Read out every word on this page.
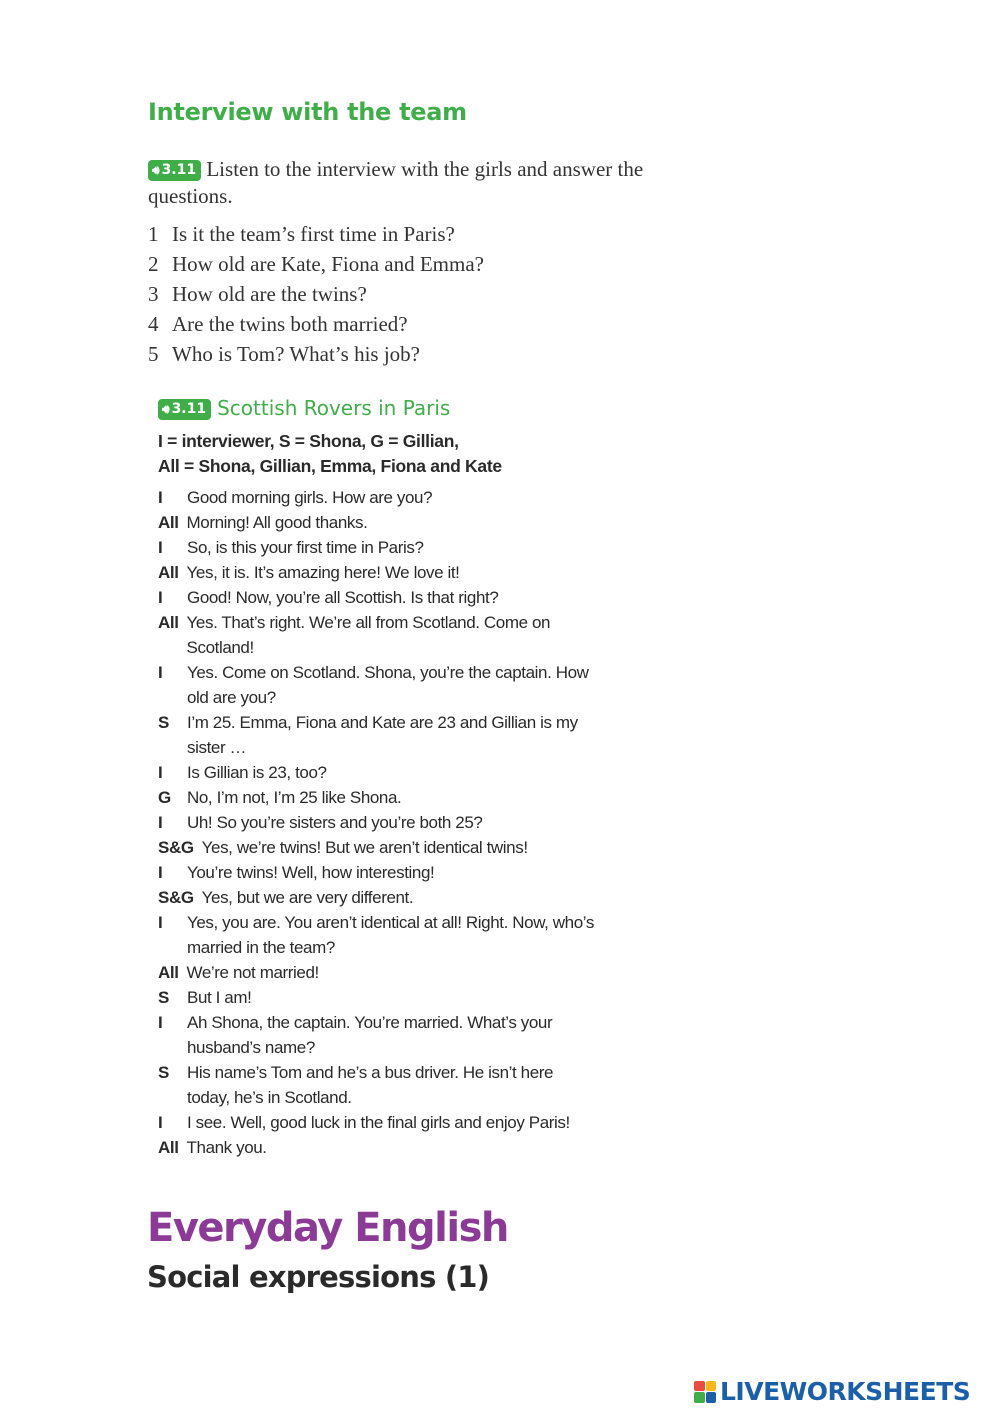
Interview with the team
🔊︎ 3.11 Listen to the interview with the girls and answer the questions.
1 Is it the team’s first time in Paris?
2 How old are Kate, Fiona and Emma?
3 How old are the twins?
4 Are the twins both married?
5 Who is Tom? What’s his job?
🔊︎ 3.11 Scottish Rovers in Paris
I = interviewer, S = Shona, G = Gillian,
All = Shona, Gillian, Emma, Fiona and Kate
I	Good morning girls. How are you?
All Morning! All good thanks.
I	So, is this your first time in Paris?
All Yes, it is. It’s amazing here! We love it!
I	Good! Now, you’re all Scottish. Is that right?
All Yes. That’s right. We’re all from Scotland. Come on Scotland!
I	Yes. Come on Scotland. Shona, you’re the captain. How old are you?
S	I’m 25. Emma, Fiona and Kate are 23 and Gillian is my sister …
I	Is Gillian is 23, too?
G No, I’m not, I’m 25 like Shona.
I	Uh! So you’re sisters and you’re both 25?
S&G Yes, we’re twins! But we aren’t identical twins!
I	You’re twins! Well, how interesting!
S&G Yes, but we are very different.
I	Yes, you are. You aren’t identical at all! Right. Now, who’s married in the team?
All We’re not married!
S	But I am!
I	Ah Shona, the captain. You’re married. What’s your husband’s name?
S	His name’s Tom and he’s a bus driver. He isn’t here today, he’s in Scotland.
I	I see. Well, good luck in the final girls and enjoy Paris!
All Thank you.
Everyday English
Social expressions (1)
LIVEWORKSHEETS
